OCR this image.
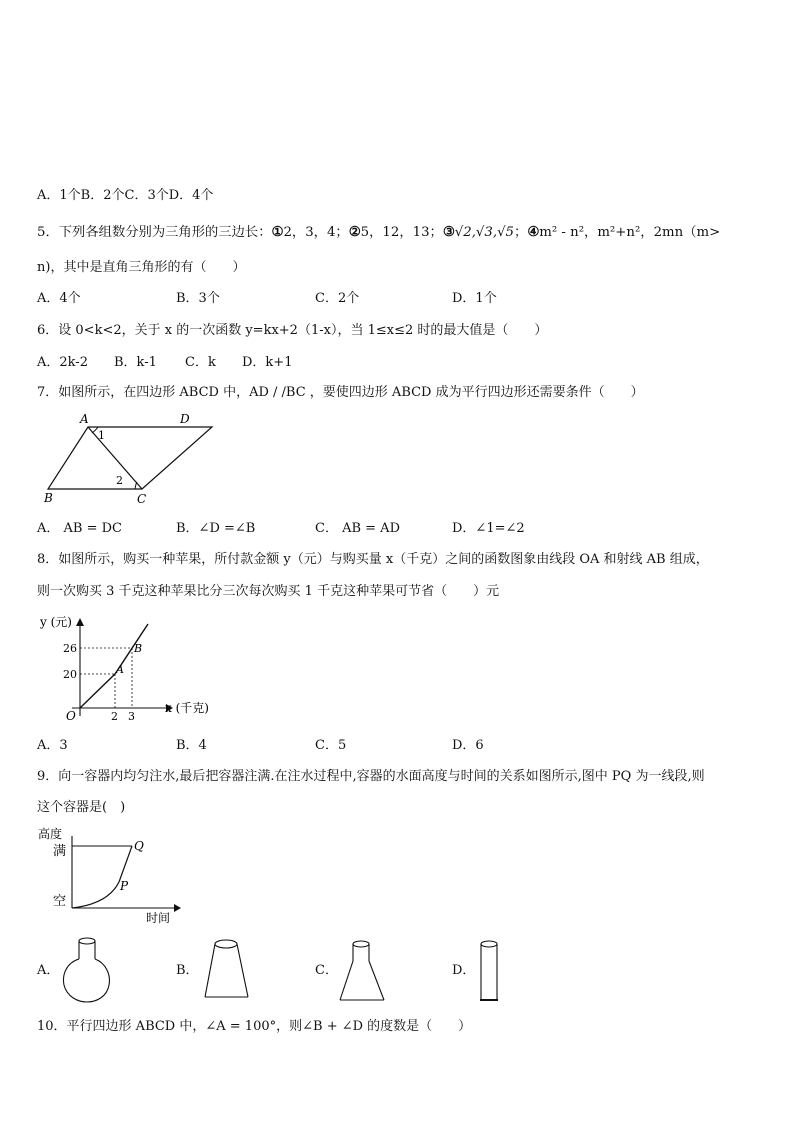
A．1个B．2个C．3个D．4个
5．下列各组数分别为三角形的三边长：①2，3，4；②5，12，13；③√2,√3,√5；④m² - n²，m²+n²，2mn（m>
n)，其中是直角三角形的有（　　）
A．4个	B．3个	C．2个	D．1个
6．设 0<k<2，关于 x 的一次函数 y=kx+2（1-x），当 1≤x≤2 时的最大值是（　　）
A．2k-2 B．k-1 C．k D．k+1
7．如图所示，在四边形 ABCD 中，AD / /BC ，要使四边形 ABCD 成为平行四边形还需要条件（　　）
A	D
B	C
1
2
A． AB = DC	B．∠D =∠B	C． AB = AD	D．∠1=∠2
8．如图所示，购买一种苹果，所付款金额 y（元）与购买量 x（千克）之间的函数图象由线段 OA 和射线 AB 组成，
则一次购买 3 千克这种苹果比分三次每次购买 1 千克这种苹果可节省（　　）元
y (元)
x (千克)
O
26
20
2 3
A
B
A．3	B．4	C．5	D．6
9．向一容器内均匀注水,最后把容器注满.在注水过程中,容器的水面高度与时间的关系如图所示,图中 PQ 为一线段,则
这个容器是(　)
高度
满
空
时间
Q
P
A．	B．	C．	D．
10．平行四边形 ABCD 中，∠A = 100°，则∠B + ∠D 的度数是（　　）
